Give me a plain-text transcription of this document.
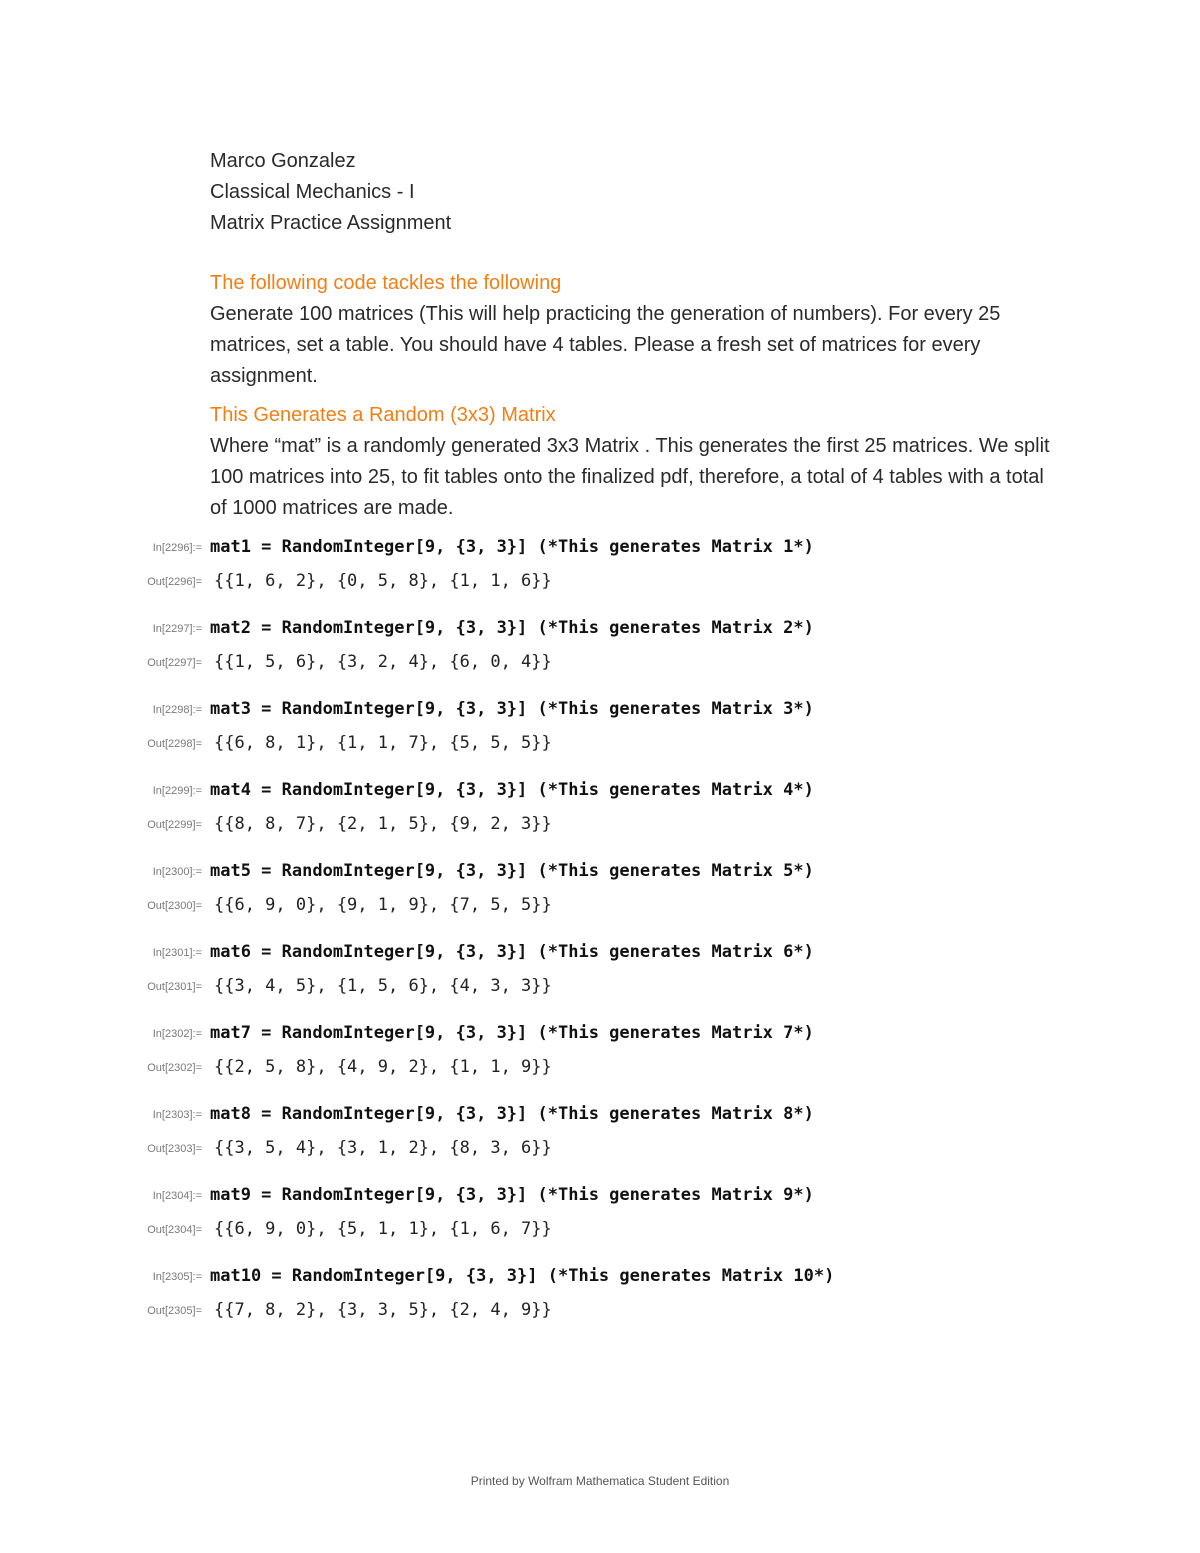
Marco Gonzalez
Classical Mechanics - I
Matrix Practice Assignment
The following code tackles the following
Generate 100 matrices (This will help practicing the generation of numbers). For every 25 matrices, set a table. You should have 4 tables. Please a fresh set of matrices for every assignment.
This Generates a Random (3x3) Matrix
Where “mat” is a randomly generated 3x3 Matrix . This generates the first 25 matrices. We split 100 matrices into 25, to fit tables onto the finalized pdf, therefore, a total of 4 tables with a total of 1000 matrices are made.
In[2296]:= mat1 = RandomInteger[9, {3, 3}] (*This generates Matrix 1*)
Out[2296]= {{1, 6, 2}, {0, 5, 8}, {1, 1, 6}}
In[2297]:= mat2 = RandomInteger[9, {3, 3}] (*This generates Matrix 2*)
Out[2297]= {{1, 5, 6}, {3, 2, 4}, {6, 0, 4}}
In[2298]:= mat3 = RandomInteger[9, {3, 3}] (*This generates Matrix 3*)
Out[2298]= {{6, 8, 1}, {1, 1, 7}, {5, 5, 5}}
In[2299]:= mat4 = RandomInteger[9, {3, 3}] (*This generates Matrix 4*)
Out[2299]= {{8, 8, 7}, {2, 1, 5}, {9, 2, 3}}
In[2300]:= mat5 = RandomInteger[9, {3, 3}] (*This generates Matrix 5*)
Out[2300]= {{6, 9, 0}, {9, 1, 9}, {7, 5, 5}}
In[2301]:= mat6 = RandomInteger[9, {3, 3}] (*This generates Matrix 6*)
Out[2301]= {{3, 4, 5}, {1, 5, 6}, {4, 3, 3}}
In[2302]:= mat7 = RandomInteger[9, {3, 3}] (*This generates Matrix 7*)
Out[2302]= {{2, 5, 8}, {4, 9, 2}, {1, 1, 9}}
In[2303]:= mat8 = RandomInteger[9, {3, 3}] (*This generates Matrix 8*)
Out[2303]= {{3, 5, 4}, {3, 1, 2}, {8, 3, 6}}
In[2304]:= mat9 = RandomInteger[9, {3, 3}] (*This generates Matrix 9*)
Out[2304]= {{6, 9, 0}, {5, 1, 1}, {1, 6, 7}}
In[2305]:= mat10 = RandomInteger[9, {3, 3}] (*This generates Matrix 10*)
Out[2305]= {{7, 8, 2}, {3, 3, 5}, {2, 4, 9}}
Printed by Wolfram Mathematica Student Edition
